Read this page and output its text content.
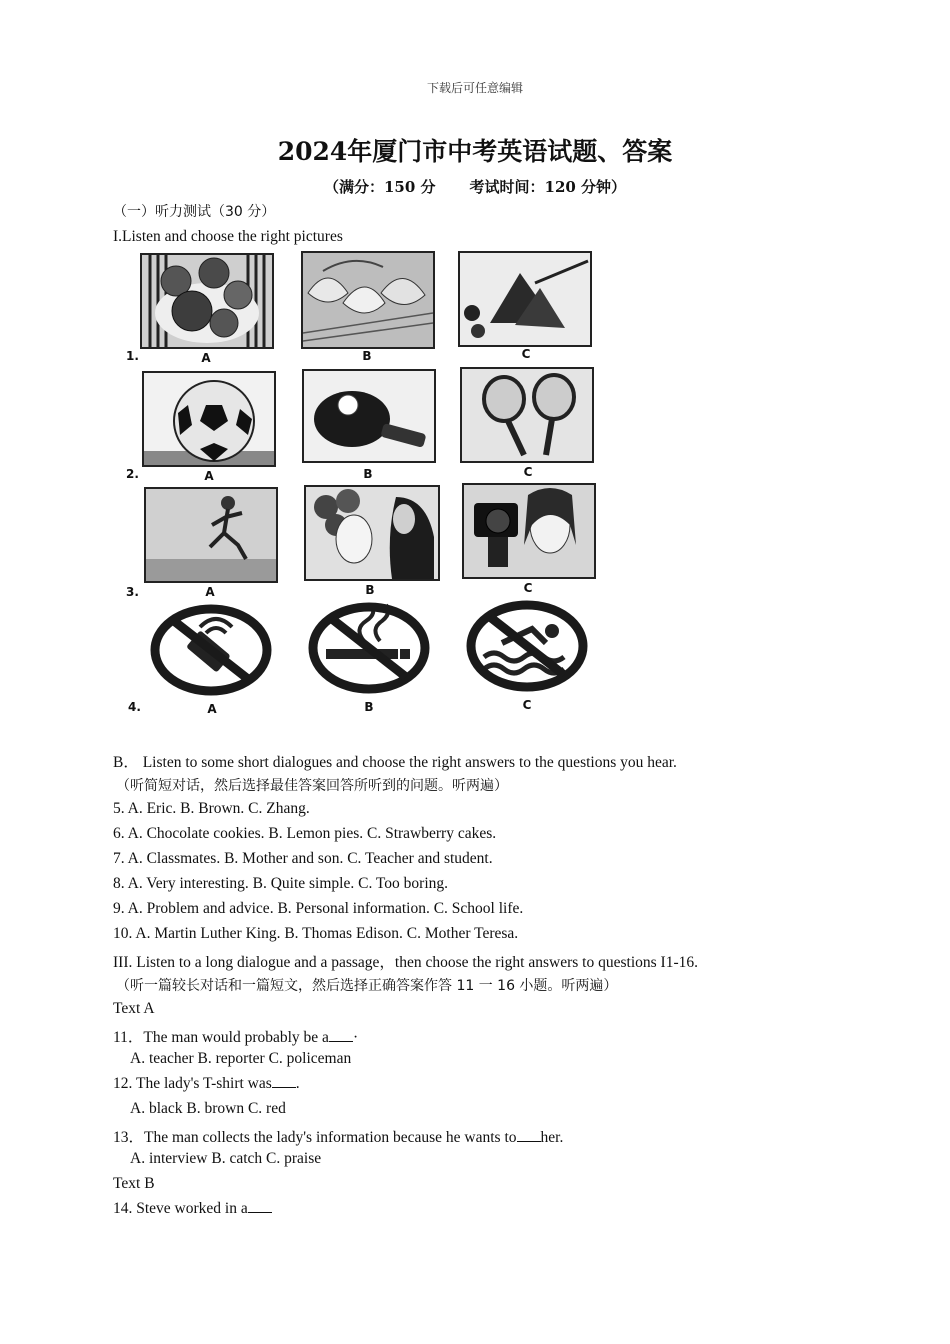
下载后可任意编辑
2024年厦门市中考英语试题、答案
（满分：150 分 考试时间：120 分钟）
（一）听力测试（30 分）
I.Listen and choose the right pictures
1.	A	B	C
2.	A	B	C
3.	A	B	C
4.	A	B	C
B． Listen to some short dialogues and choose the right answers to the questions you hear.
（听简短对话，然后选择最佳答案回答所听到的问题。听两遍）
5. A. Eric. B. Brown. C. Zhang.
6. A. Chocolate cookies. B. Lemon pies. C. Strawberry cakes.
7. A. Classmates. B. Mother and son. C. Teacher and student.
8. A. Very interesting. B. Quite simple. C. Too boring.
9. A. Problem and advice. B. Personal information. C. School life.
10. A. Martin Luther King. B. Thomas Edison. C. Mother Teresa.
III. Listen to a long dialogue and a passage，then choose the right answers to questions I1-16.
（听一篇较长对话和一篇短文，然后选择正确答案作答 11 一 16 小题。听两遍）
Text A
11．The man would probably be a ·
A. teacher B. reporter C. policeman
12. The lady's T-shirt was .
A. black B. brown C. red
13．The man collects the lady's information because he wants to her.
A. interview B. catch C. praise
Text B
14. Steve worked in a
